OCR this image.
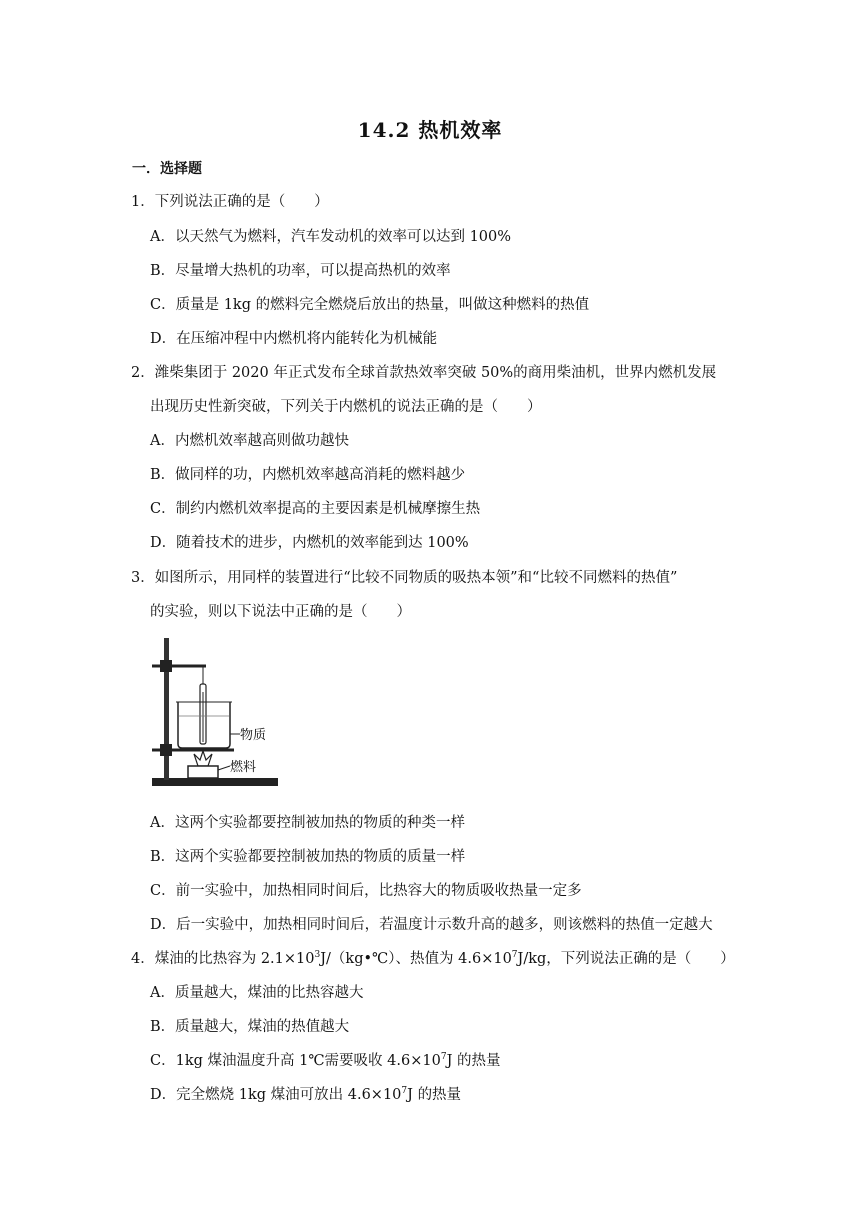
14.2 热机效率
一．选择题
1．下列说法正确的是（　　）
A．以天然气为燃料，汽车发动机的效率可以达到 100%
B．尽量增大热机的功率，可以提高热机的效率
C．质量是 1kg 的燃料完全燃烧后放出的热量，叫做这种燃料的热值
D．在压缩冲程中内燃机将内能转化为机械能
2．潍柴集团于 2020 年正式发布全球首款热效率突破 50%的商用柴油机，世界内燃机发展
出现历史性新突破，下列关于内燃机的说法正确的是（　　）
A．内燃机效率越高则做功越快
B．做同样的功，内燃机效率越高消耗的燃料越少
C．制约内燃机效率提高的主要因素是机械摩擦生热
D．随着技术的进步，内燃机的效率能到达 100%
3．如图所示，用同样的装置进行“比较不同物质的吸热本领”和“比较不同燃料的热值”
的实验，则以下说法中正确的是（　　）
物质
燃料
A．这两个实验都要控制被加热的物质的种类一样
B．这两个实验都要控制被加热的物质的质量一样
C．前一实验中，加热相同时间后，比热容大的物质吸收热量一定多
D．后一实验中，加热相同时间后，若温度计示数升高的越多，则该燃料的热值一定越大
4．煤油的比热容为 $2.1\times 10^3J/(kg•℃)$、热值为 $4.6\times 10^7J/kg$，下列说法正确的是（　　）
A．质量越大，煤油的比热容越大
B．质量越大，煤油的热值越大
C．1kg 煤油温度升高 1℃需要吸收 $4.6\times 10^7J$ 的热量
D．完全燃烧 1kg 煤油可放出 $4.6\times 10^7J$ 的热量
